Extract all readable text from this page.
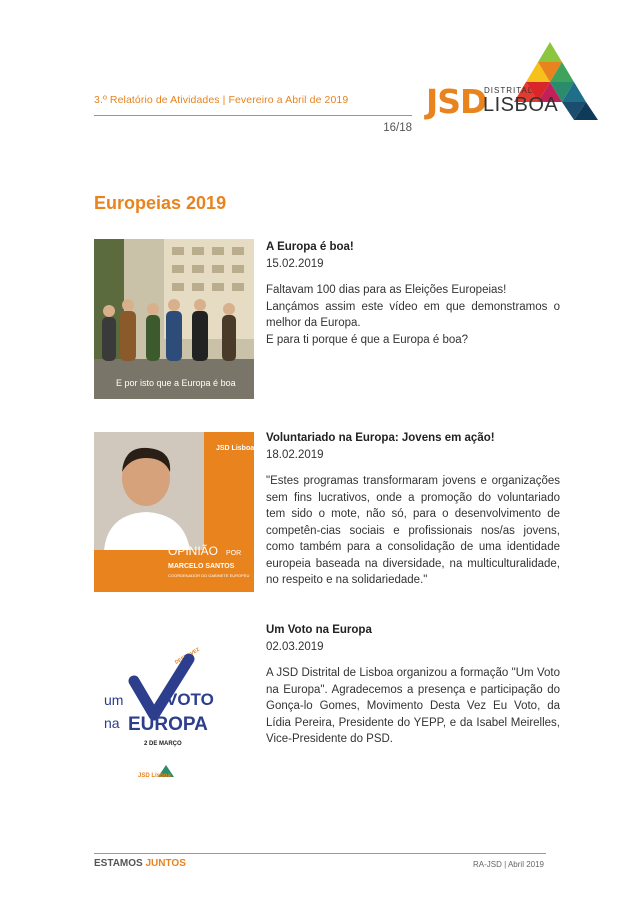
3.º Relatório de Atividades | Fevereiro a Abril de 2019
16/18
JSD
DISTRITAL
LISBOA
Europeias 2019
E por isto que a Europa é boa
A Europa é boa!
15.02.2019

Faltavam 100 dias para as Eleições Europeias!
Lançámos assim este vídeo em que demonstramos o melhor da Europa.
E para ti porque é que a Europa é boa?

JSD Lisboa
OPINIÃO POR
MARCELO SANTOS
COORDENADOR DO GABINETE EUROPEU
Voluntariado na Europa: Jovens em ação!
18.02.2019

"Estes programas transformaram jovens e organizações sem fins lucrativos, onde a promoção do voluntariado tem sido o mote, não só, para o desenvolvimento de competên-cias sociais e profissionais nos/as jovens, como também para a consolidação de uma identidade europeia baseada na diversidade, na multiculturalidade, no respeito e na solidariedade."

DESTA VEZ
um	VOTO
na EUROPA
2 DE MARÇO
JSD Lisboa
Um Voto na Europa
02.03.2019

A JSD Distrital de Lisboa organizou a formação "Um Voto na Europa". Agradecemos a presença e participação do Gonça-lo Gomes, Movimento Desta Vez Eu Voto, da Lídia Pereira, Presidente do YEPP, e da Isabel Meirelles, Vice-Presidente do PSD.

ESTAMOS JUNTOS	RA-JSD | Abril 2019
